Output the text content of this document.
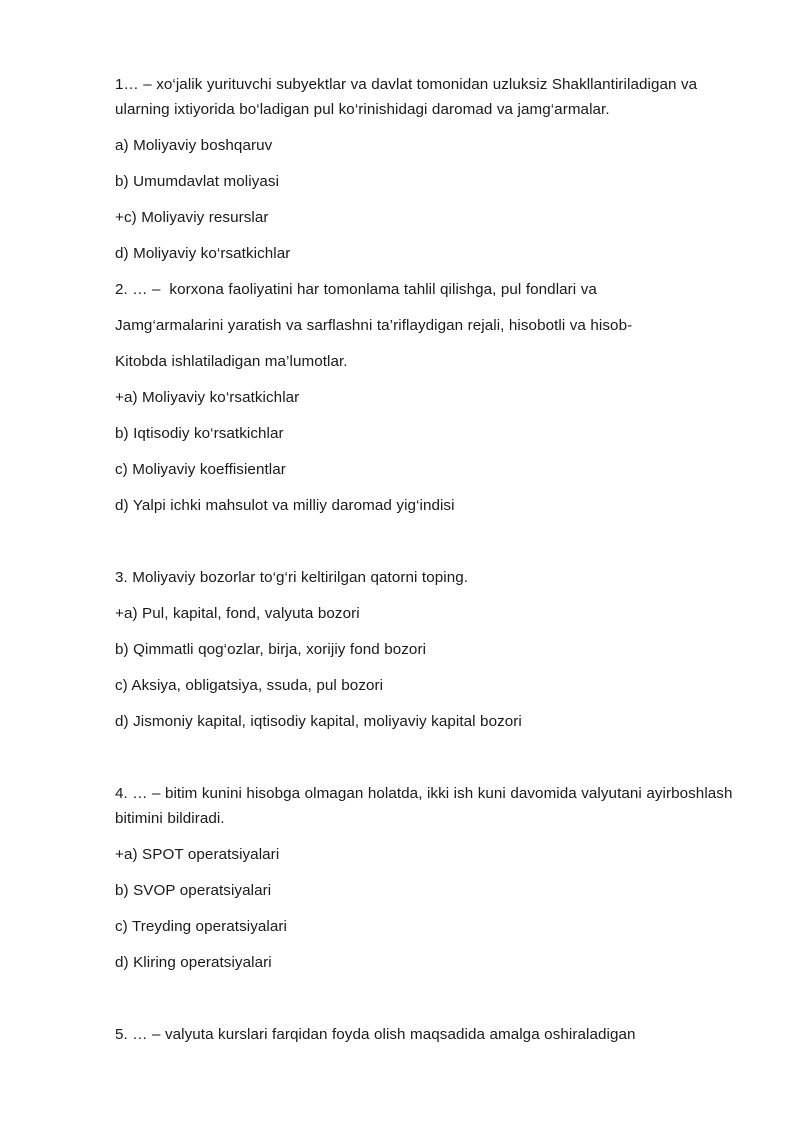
1… – xo‘jalik yurituvchi subyektlar va davlat tomonidan uzluksiz Shakllantiriladigan va ularning ixtiyorida bo‘ladigan pul ko‘rinishidagi daromad va jamg‘armalar.

a) Moliyaviy boshqaruv

b) Umumdavlat moliyasi

+c) Moliyaviy resurslar

d) Moliyaviy ko‘rsatkichlar

2. … –  korxona faoliyatini har tomonlama tahlil qilishga, pul fondlari va

Jamg‘armalarini yaratish va sarflashni ta’riflaydigan rejali, hisobotli va hisob-

Kitobda ishlatiladigan ma’lumotlar.

+a) Moliyaviy ko‘rsatkichlar

b) Iqtisodiy ko‘rsatkichlar

c) Moliyaviy koeffisientlar

d) Yalpi ichki mahsulot va milliy daromad yig‘indisi

3. Moliyaviy bozorlar to‘g‘ri keltirilgan qatorni toping.

+a) Pul, kapital, fond, valyuta bozori

b) Qimmatli qog‘ozlar, birja, xorijiy fond bozori

c) Aksiya, obligatsiya, ssuda, pul bozori

d) Jismoniy kapital, iqtisodiy kapital, moliyaviy kapital bozori

4. … – bitim kunini hisobga olmagan holatda, ikki ish kuni davomida valyutani ayirboshlash bitimini bildiradi.

+a) SPOT operatsiyalari

b) SVOP operatsiyalari

c) Treyding operatsiyalari

d) Kliring operatsiyalari

5. … – valyuta kurslari farqidan foyda olish maqsadida amalga oshiraladigan
